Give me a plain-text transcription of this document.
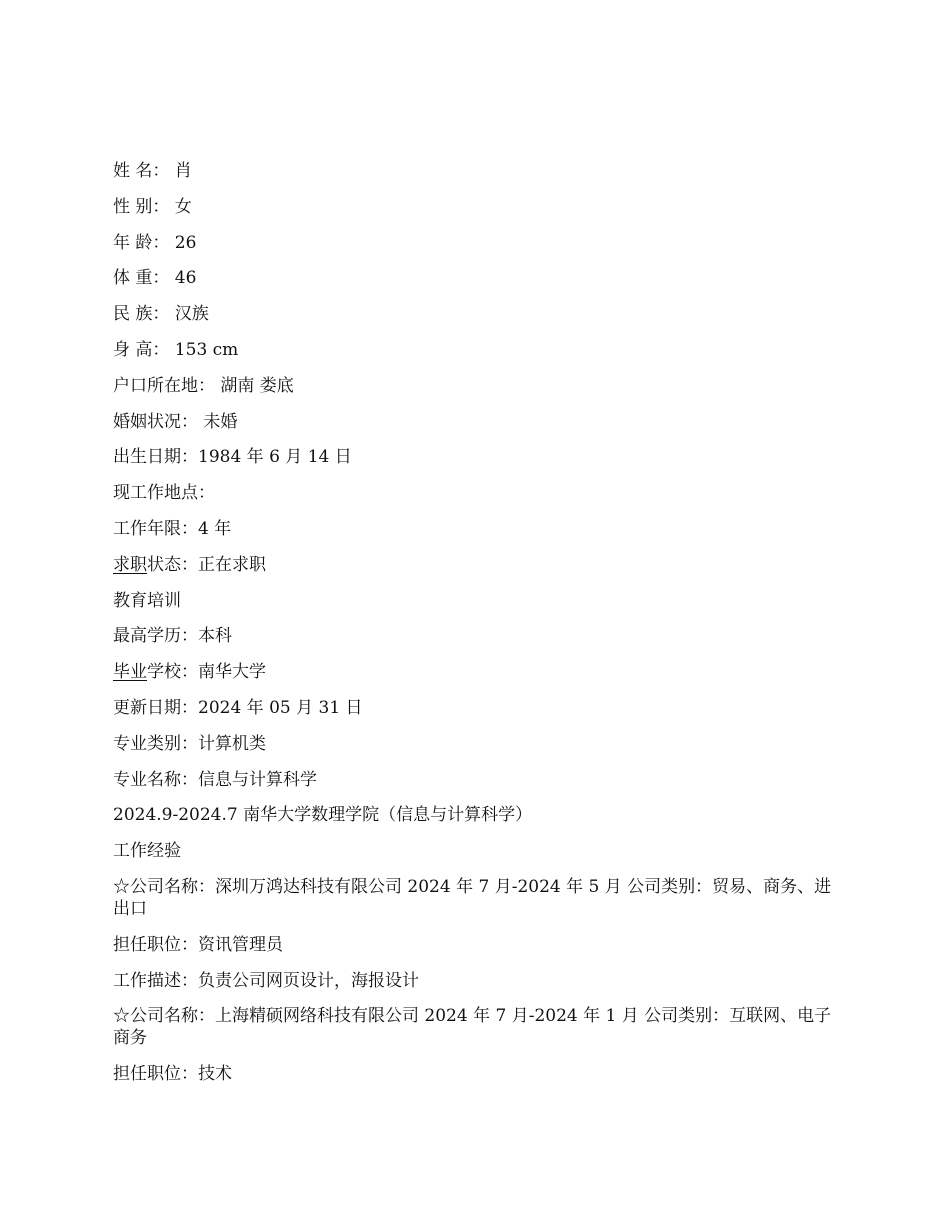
姓 名： 肖
性 别： 女
年 龄： 26
体 重： 46
民 族： 汉族
身 高： 153 cm
户口所在地： 湖南 娄底
婚姻状况： 未婚
出生日期：1984 年 6 月 14 日
现工作地点：
工作年限：4 年
求职状态：正在求职
教育培训
最高学历：本科
毕业学校：南华大学
更新日期：2024 年 05 月 31 日
专业类别：计算机类
专业名称：信息与计算科学
2024.9-2024.7 南华大学数理学院（信息与计算科学）
工作经验
☆公司名称：深圳万鸿达科技有限公司 2024 年 7 月-2024 年 5 月 公司类别：贸易、商务、进出口
担任职位：资讯管理员
工作描述：负责公司网页设计，海报设计
☆公司名称：上海精硕网络科技有限公司 2024 年 7 月-2024 年 1 月 公司类别：互联网、电子商务
担任职位：技术
